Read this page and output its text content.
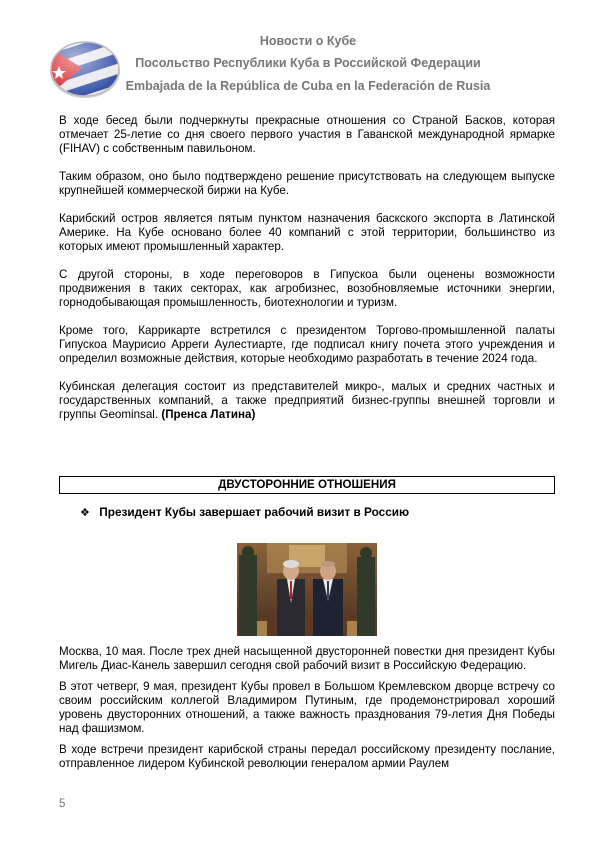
Новости о Кубе
Посольство Республики Куба в Российской Федерации
Embajada de la República de Cuba en la Federación de Rusia

В ходе бесед были подчеркнуты прекрасные отношения со Страной Басков, которая отмечает 25-летие со дня своего первого участия в Гаванской международной ярмарке (FIHAV) с собственным павильоном.

Таким образом, оно было подтверждено решение присутствовать на следующем выпуске крупнейшей коммерческой биржи на Кубе.

Карибский остров является пятым пунктом назначения баскского экспорта в Латинской Америке. На Кубе основано более 40 компаний с этой территории, большинство из которых имеют промышленный характер.

С другой стороны, в ходе переговоров в Гипускоа были оценены возможности продвижения в таких секторах, как агробизнес, возобновляемые источники энергии, горнодобывающая промышленность, биотехнологии и туризм.

Кроме того, Каррикарте встретился с президентом Торгово-промышленной палаты Гипускоа Маурисио Арреги Аулестиарте, где подписал книгу почета этого учреждения и определил возможные действия, которые необходимо разработать в течение 2024 года.

Кубинская делегация состоит из представителей микро-, малых и средних частных и государственных компаний, а также предприятий бизнес-группы внешней торговли и группы Geominsal. (Пренса Латина)

ДВУСТОРОННИЕ ОТНОШЕНИЯ
❖ Президент Кубы завершает рабочий визит в Россию

Москва, 10 мая. После трех дней насыщенной двусторонней повестки дня президент Кубы Мигель Диас-Канель завершил сегодня свой рабочий визит в Российскую Федерацию.

В этот четверг, 9 мая, президент Кубы провел в Большом Кремлевском дворце встречу со своим российским коллегой Владимиром Путиным, где продемонстрировал хороший уровень двусторонних отношений, а также важность празднования 79-летия Дня Победы над фашизмом.

В ходе встречи президент карибской страны передал российскому президенту послание, отправленное лидером Кубинской революции генералом армии Раулем

5
